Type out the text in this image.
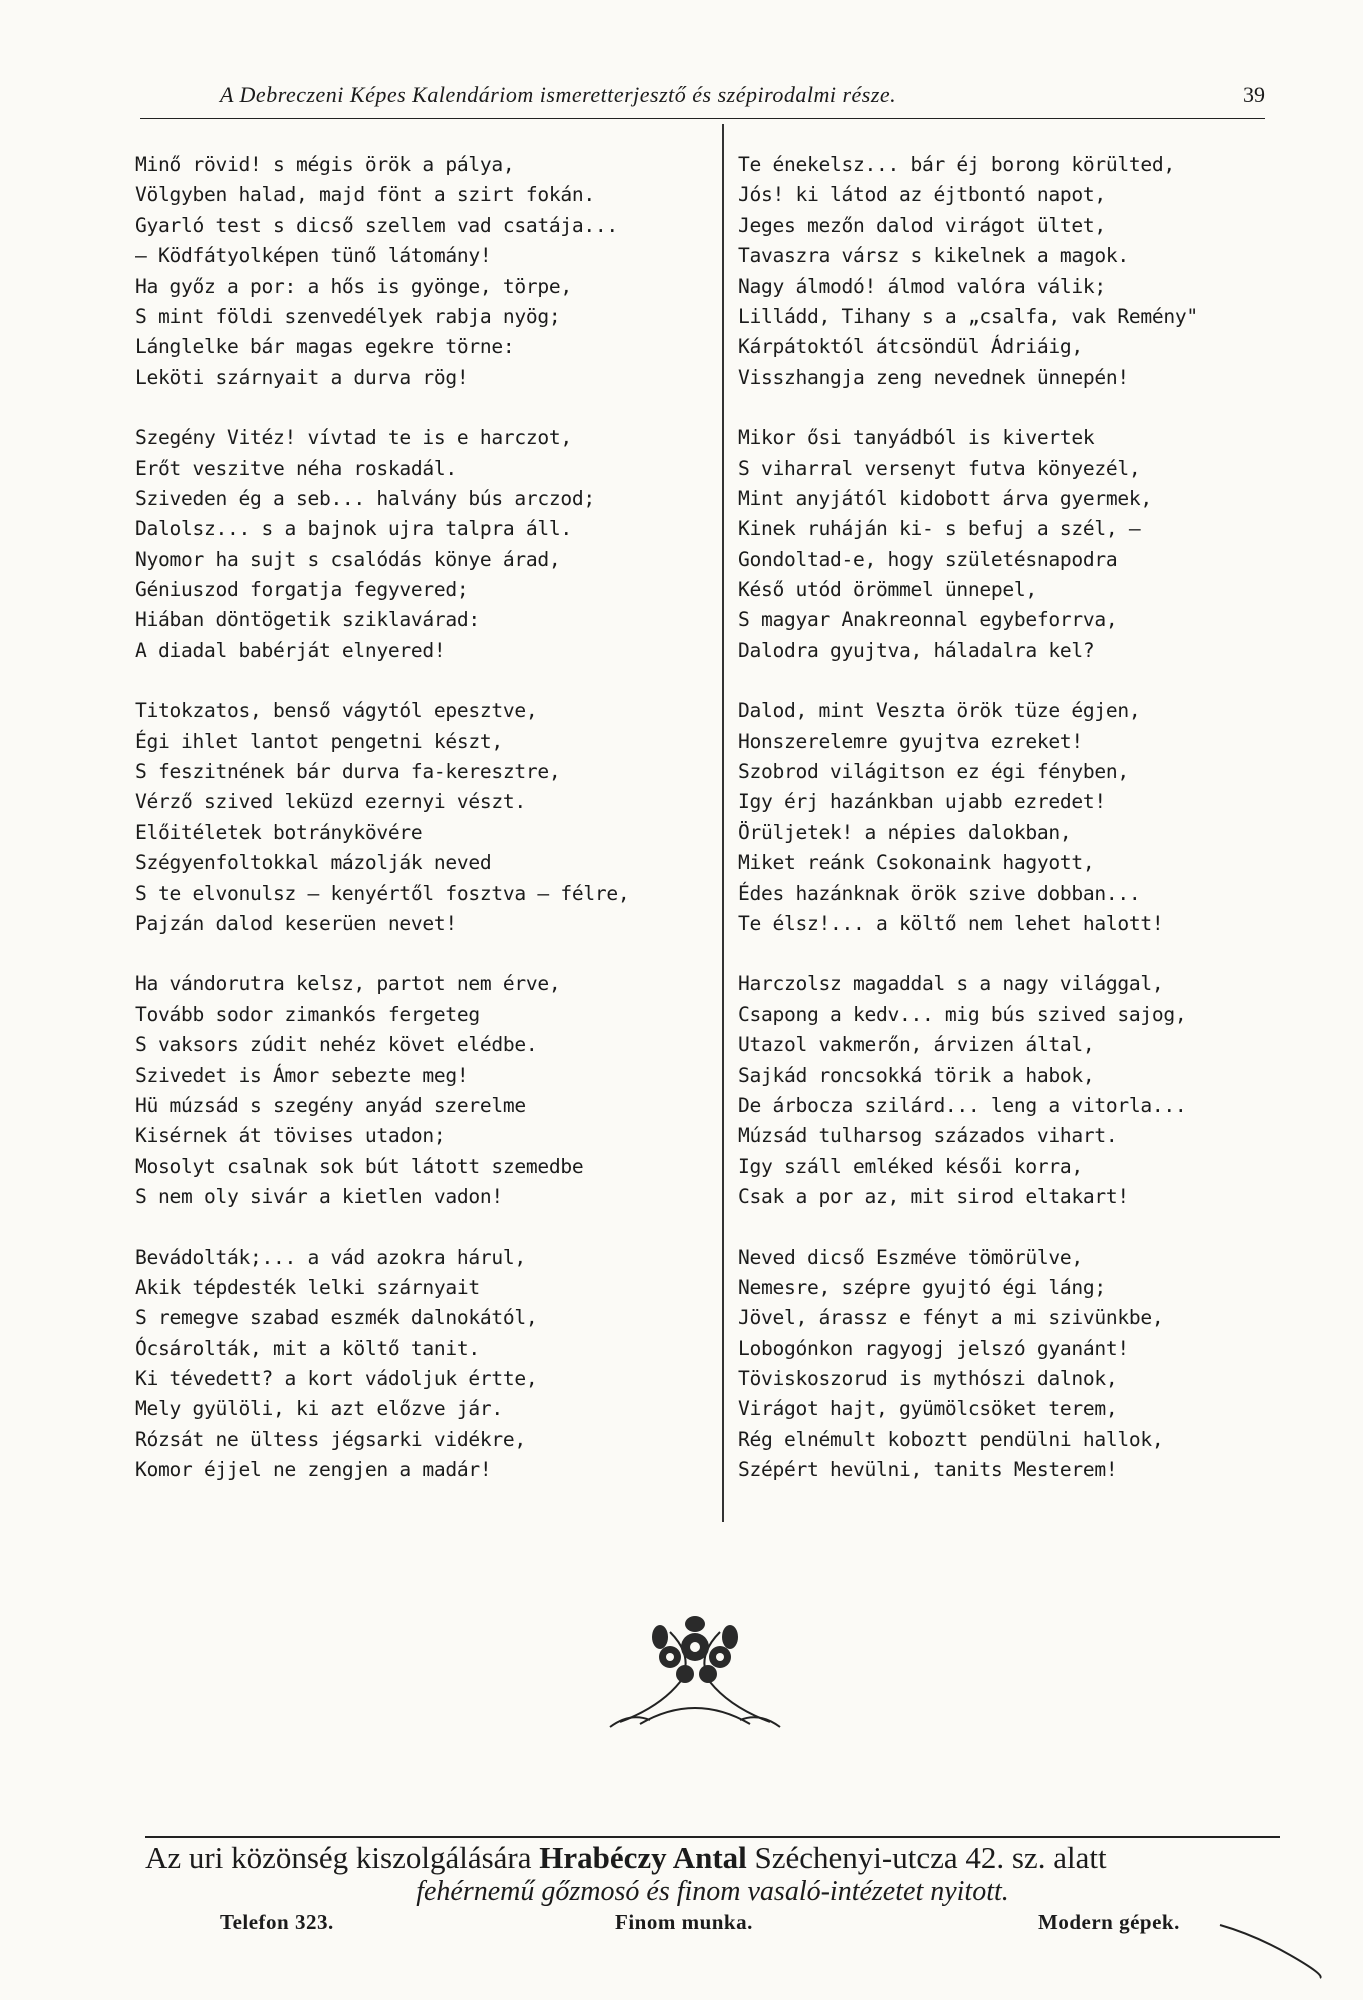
A Debreczeni Képes Kalendáriom ismeretterjesztő és szépirodalmi része.	39
Minő rövid! s mégis örök a pálya,
Völgyben halad, majd fönt a szirt fokán.
Gyarló test s dicső szellem vad csatája...
— Ködfátyolképen tünő látomány!
Ha győz a por: a hős is gyönge, törpe,
S mint földi szenvedélyek rabja nyög;
Lánglelke bár magas egekre törne:
Leköti szárnyait a durva rög!
Szegény Vitéz! vívtad te is e harczot,
Erőt veszitve néha roskadál.
Sziveden ég a seb... halvány bús arczod;
Dalolsz... s a bajnok ujra talpra áll.
Nyomor ha sujt s csalódás könye árad,
Géniuszod forgatja fegyvered;
Hiában döntögetik sziklavárad:
A diadal babérját elnyered!
Titokzatos, benső vágytól epesztve,
Égi ihlet lantot pengetni készt,
S feszitnének bár durva fa-keresztre,
Vérző szived leküzd ezernyi vészt.
Előitéletek botránykövére
Szégyenfoltokkal mázolják neved
S te elvonulsz — kenyértől fosztva — félre,
Pajzán dalod keserüen nevet!
Ha vándorutra kelsz, partot nem érve,
Tovább sodor zimankós fergeteg
S vaksors zúdit nehéz követ elédbe.
Szivedet is Ámor sebezte meg!
Hü múzsád s szegény anyád szerelme
Kisérnek át tövises utadon;
Mosolyt csalnak sok bút látott szemedbe
S nem oly sivár a kietlen vadon!
Bevádolták;... a vád azokra hárul,
Akik tépdesték lelki szárnyait
S remegve szabad eszmék dalnokától,
Ócsárolták, mit a költő tanit.
Ki tévedett? a kort vádoljuk értte,
Mely gyülöli, ki azt előzve jár.
Rózsát ne ültess jégsarki vidékre,
Komor éjjel ne zengjen a madár!
Te énekelsz... bár éj borong körülted,
Jós! ki látod az éjtbontó napot,
Jeges mezőn dalod virágot ültet,
Tavaszra vársz s kikelnek a magok.
Nagy álmodó! álmod valóra válik;
Lilládd, Tihany s a „csalfa, vak Remény"
Kárpátoktól átcsöndül Ádriáig,
Visszhangja zeng nevednek ünnepén!
Mikor ősi tanyádból is kivertek
S viharral versenyt futva könyezél,
Mint anyjától kidobott árva gyermek,
Kinek ruháján ki- s befuj a szél, —
Gondoltad-e, hogy születésnapodra
Késő utód örömmel ünnepel,
S magyar Anakreonnal egybeforrva,
Dalodra gyujtva, háladalra kel?
Dalod, mint Veszta örök tüze égjen,
Honszerelemre gyujtva ezreket!
Szobrod világitson ez égi fényben,
Igy érj hazánkban ujabb ezredet!
Örüljetek! a népies dalokban,
Miket reánk Csokonaink hagyott,
Édes hazánknak örök szive dobban...
Te élsz!... a költő nem lehet halott!
Harczolsz magaddal s a nagy világgal,
Csapong a kedv... mig bús szived sajog,
Utazol vakmerőn, árvizen által,
Sajkád roncsokká törik a habok,
De árbocza szilárd... leng a vitorla...
Múzsád tulharsog százados vihart.
Igy száll emléked késői korra,
Csak a por az, mit sirod eltakart!
Neved dicső Eszméve tömörülve,
Nemesre, szépre gyujtó égi láng;
Jövel, árassz e fényt a mi szivünkbe,
Lobogónkon ragyogj jelszó gyanánt!
Töviskoszorud is mythószi dalnok,
Virágot hajt, gyümölcsöket terem,
Rég elnémult koboztt pendülni hallok,
Szépért hevülni, tanits Mesterem!
Az uri közönség kiszolgálására Hrabéczy Antal Széchenyi-utcza 42. sz. alatt
fehérnemű gőzmosó és finom vasaló-intézetet nyitott.
Telefon 323.	Finom munka.	Modern gépek.
